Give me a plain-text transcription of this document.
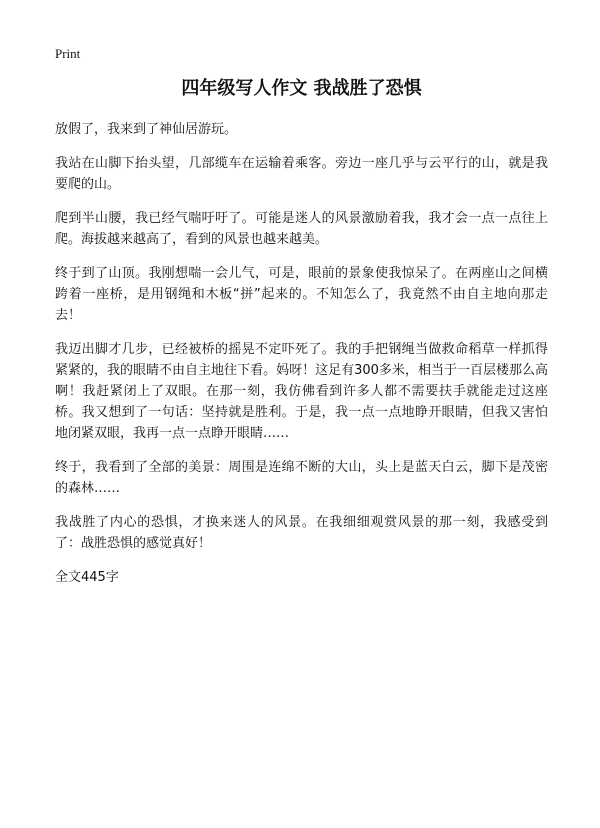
Print
四年级写人作文 我战胜了恐惧

放假了，我来到了神仙居游玩。

我站在山脚下抬头望，几部缆车在运输着乘客。旁边一座几乎与云平行的山，就是我要爬的山。

爬到半山腰，我已经气喘吁吁了。可能是迷人的风景激励着我，我才会一点一点往上爬。海拔越来越高了，看到的风景也越来越美。

终于到了山顶。我刚想喘一会儿气，可是，眼前的景象使我惊呆了。在两座山之间横跨着一座桥，是用钢绳和木板“拼”起来的。不知怎么了，我竟然不由自主地向那走去！

我迈出脚才几步，已经被桥的摇晃不定吓死了。我的手把钢绳当做救命稻草一样抓得紧紧的，我的眼睛不由自主地往下看。妈呀！这足有300多米，相当于一百层楼那么高啊！我赶紧闭上了双眼。在那一刻，我仿佛看到许多人都不需要扶手就能走过这座桥。我又想到了一句话：坚持就是胜利。于是，我一点一点地睁开眼睛，但我又害怕地闭紧双眼，我再一点一点睁开眼睛……

终于，我看到了全部的美景：周围是连绵不断的大山，头上是蓝天白云，脚下是茂密的森林……

我战胜了内心的恐惧，才换来迷人的风景。在我细细观赏风景的那一刻，我感受到了：战胜恐惧的感觉真好！

全文445字
